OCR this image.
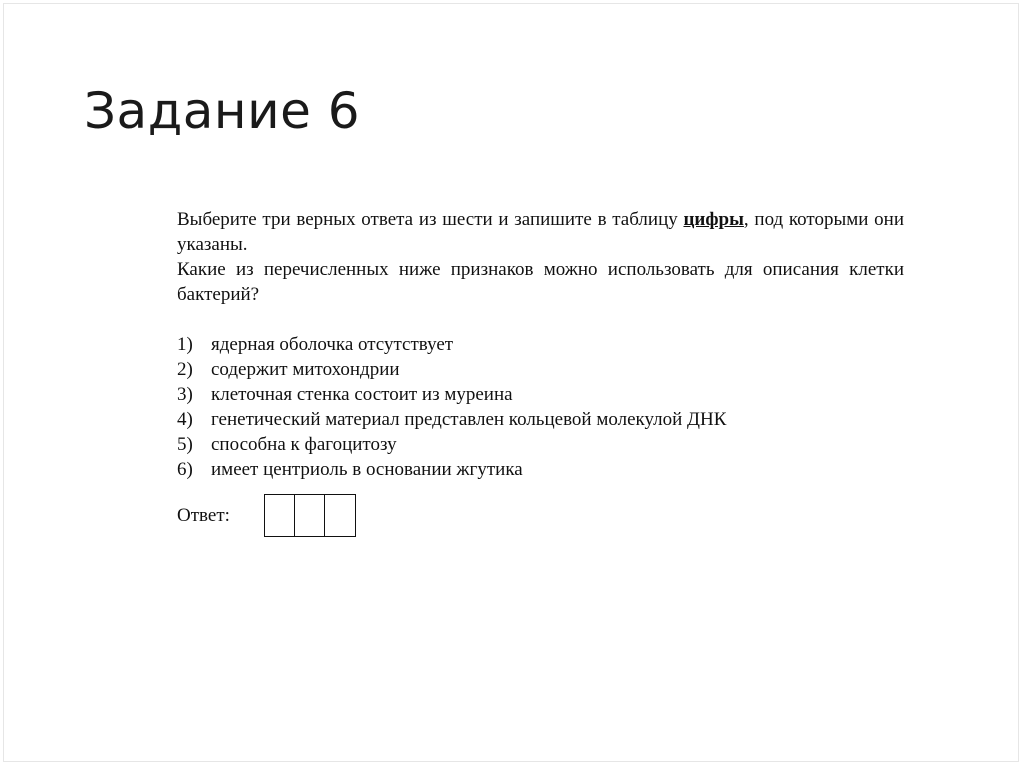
Задание 6

Выберите три верных ответа из шести и запишите в таблицу цифры, под которыми они указаны.

Какие из перечисленных ниже признаков можно использовать для описания клетки бактерий?

1) ядерная оболочка отсутствует
2) содержит митохондрии
3) клеточная стенка состоит из муреина
4) генетический материал представлен кольцевой молекулой ДНК
5) способна к фагоцитозу
6) имеет центриоль в основании жгутика
Ответ:
